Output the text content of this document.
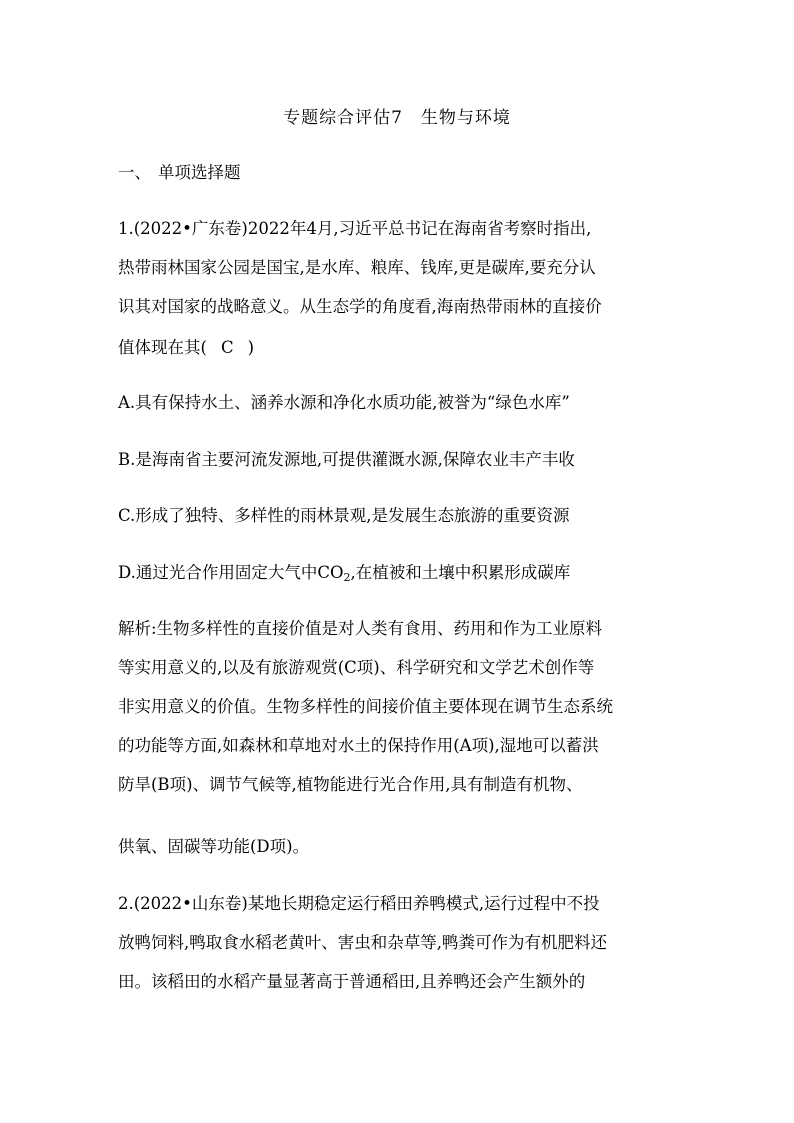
专题综合评估7 生物与环境
一、 单项选择题
1.(2022•广东卷)2022年4月,习近平总书记在海南省考察时指出,
热带雨林国家公园是国宝,是水库、粮库、钱库,更是碳库,要充分认
识其对国家的战略意义。从生态学的角度看,海南热带雨林的直接价
值体现在其( C )
A.具有保持水土、涵养水源和净化水质功能,被誉为“绿色水库”
B.是海南省主要河流发源地,可提供灌溉水源,保障农业丰产丰收
C.形成了独特、多样性的雨林景观,是发展生态旅游的重要资源
D.通过光合作用固定大气中$CO_2$,在植被和土壤中积累形成碳库
解析:生物多样性的直接价值是对人类有食用、药用和作为工业原料
等实用意义的,以及有旅游观赏(C项)、科学研究和文学艺术创作等
非实用意义的价值。生物多样性的间接价值主要体现在调节生态系统
的功能等方面,如森林和草地对水土的保持作用(A项),湿地可以蓄洪
防旱(B项)、调节气候等,植物能进行光合作用,具有制造有机物、
供氧、固碳等功能(D项)。
2.(2022•山东卷)某地长期稳定运行稻田养鸭模式,运行过程中不投
放鸭饲料,鸭取食水稻老黄叶、害虫和杂草等,鸭粪可作为有机肥料还
田。该稻田的水稻产量显著高于普通稻田,且养鸭还会产生额外的
